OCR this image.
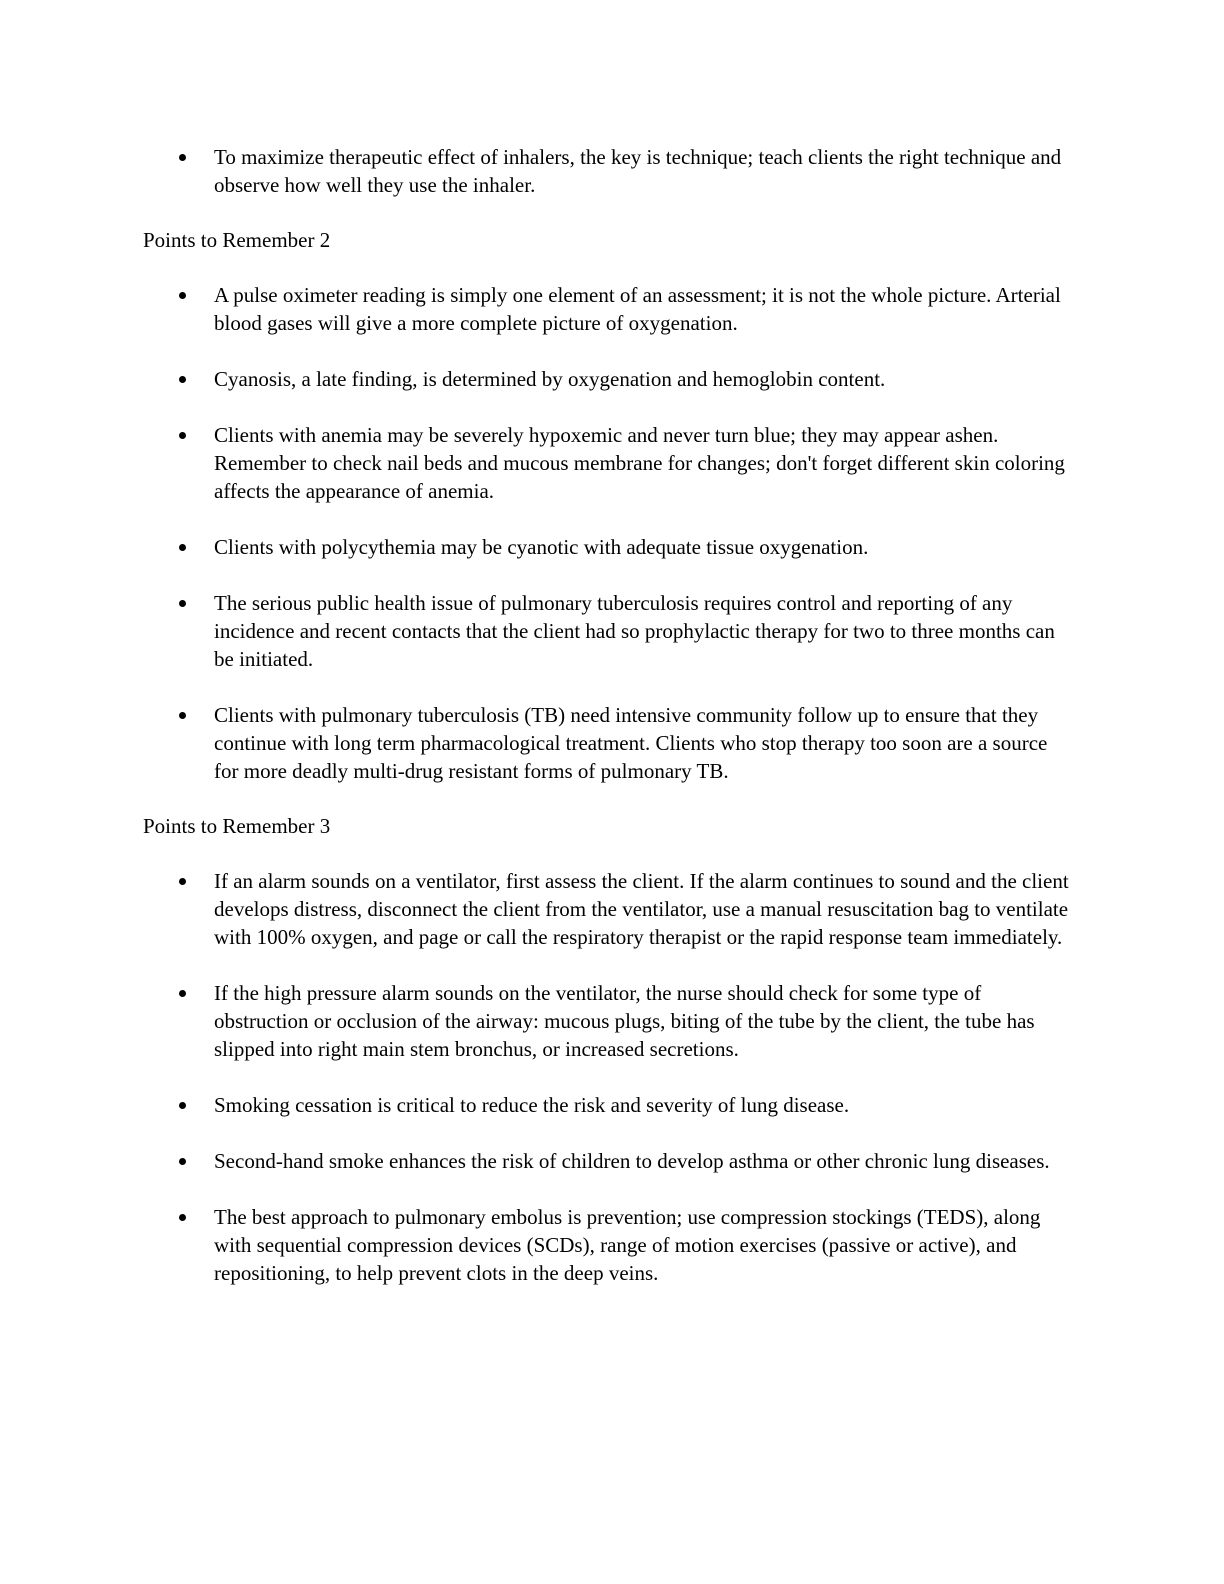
To maximize therapeutic effect of inhalers, the key is technique; teach clients the right technique and observe how well they use the inhaler.

Points to Remember 2

A pulse oximeter reading is simply one element of an assessment; it is not the whole picture. Arterial blood gases will give a more complete picture of oxygenation.
Cyanosis, a late finding, is determined by oxygenation and hemoglobin content.
Clients with anemia may be severely hypoxemic and never turn blue; they may appear ashen. Remember to check nail beds and mucous membrane for changes; don't forget different skin coloring affects the appearance of anemia.
Clients with polycythemia may be cyanotic with adequate tissue oxygenation.
The serious public health issue of pulmonary tuberculosis requires control and reporting of any incidence and recent contacts that the client had so prophylactic therapy for two to three months can be initiated.
Clients with pulmonary tuberculosis (TB) need intensive community follow up to ensure that they continue with long term pharmacological treatment. Clients who stop therapy too soon are a source for more deadly multi-drug resistant forms of pulmonary TB.

Points to Remember 3

If an alarm sounds on a ventilator, first assess the client. If the alarm continues to sound and the client develops distress, disconnect the client from the ventilator, use a manual resuscitation bag to ventilate with 100% oxygen, and page or call the respiratory therapist or the rapid response team immediately.
If the high pressure alarm sounds on the ventilator, the nurse should check for some type of obstruction or occlusion of the airway: mucous plugs, biting of the tube by the client, the tube has slipped into right main stem bronchus, or increased secretions.
Smoking cessation is critical to reduce the risk and severity of lung disease.
Second-hand smoke enhances the risk of children to develop asthma or other chronic lung diseases.
The best approach to pulmonary embolus is prevention; use compression stockings (TEDS), along with sequential compression devices (SCDs), range of motion exercises (passive or active), and repositioning, to help prevent clots in the deep veins.
